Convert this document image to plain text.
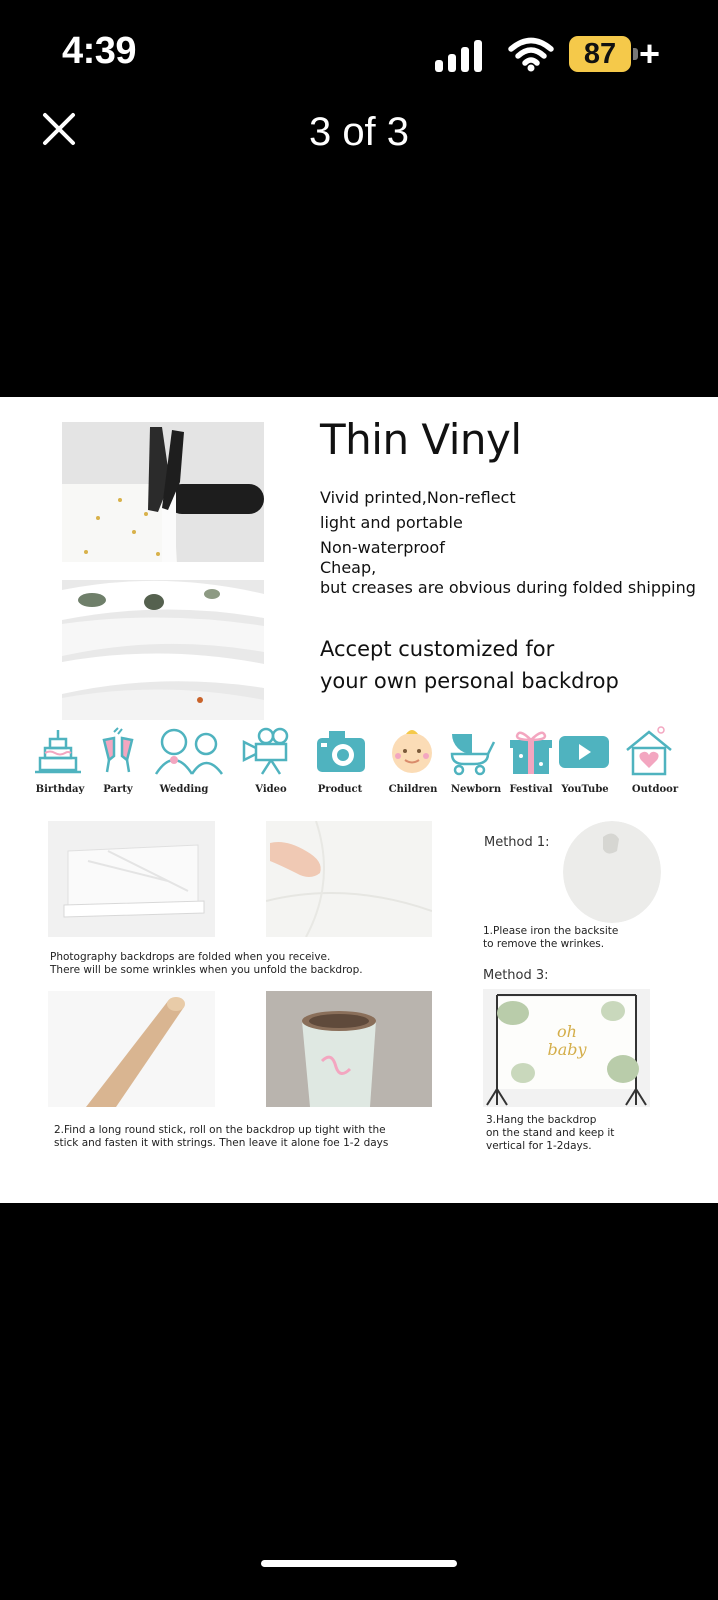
4:39	87 +
3 of 3
Thin Vinyl
Vivid printed,Non-reflect
light and portable
Non-waterproof
Cheap,
but creases are obvious during folded shipping
Accept customized for
your own personal backdrop
Birthday	Party	Wedding	Video	Product	Children	Newborn Festival YouTube	Outdoor
Method 1:
1.Please iron the backsite
to remove the wrinkes.
Photography backdrops are folded when you receive.
There will be some wrinkles when you unfold the backdrop.	Method 3:
oh
baby
2.Find a long round stick, roll on the backdrop up tight with the
stick and fasten it with strings. Then leave it alone foe 1-2 days
3.Hang the backdrop
on the stand and keep it
vertical for 1-2days.
